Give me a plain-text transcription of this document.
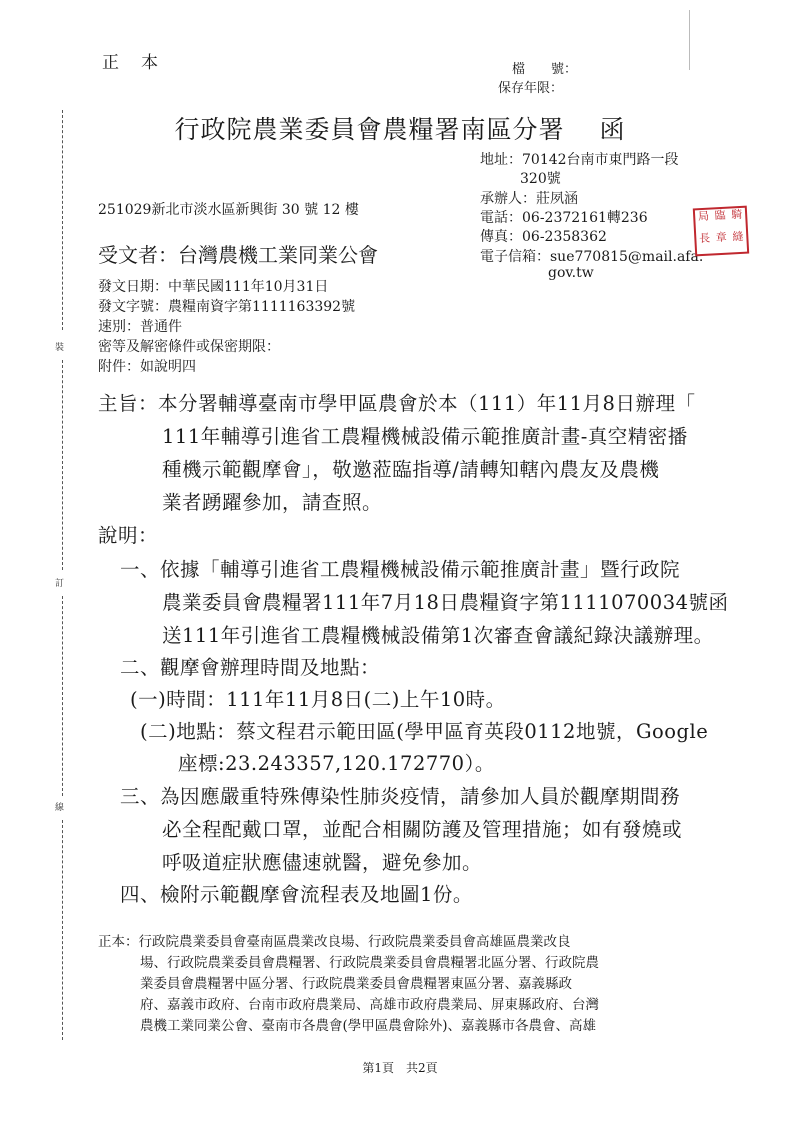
裝
訂
線
正本	檔　　號：
保存年限：
行政院農業委員會農糧署南區分署　 函
地址：70142台南市東門路一段
320號
承辦人：莊夙涵
電話：06-2372161轉236
傳真：06-2358362
電子信箱：sue770815@mail.afa.
gov.tw
局 臨 騎
長 章 縫
251029新北市淡水區新興街 30 號 12 樓
受文者：台灣農機工業同業公會
發文日期：中華民國111年10月31日
發文字號：農糧南資字第1111163392號
速別：普通件
密等及解密條件或保密期限：
附件：如說明四
主旨：本分署輔導臺南市學甲區農會於本（111）年11月8日辦理「
111年輔導引進省工農糧機械設備示範推廣計畫-真空精密播
種機示範觀摩會」，敬邀蒞臨指導/請轉知轄內農友及農機
業者踴躍參加，請查照。
說明：
一、依據「輔導引進省工農糧機械設備示範推廣計畫」暨行政院
農業委員會農糧署111年7月18日農糧資字第1111070034號函
送111年引進省工農糧機械設備第1次審查會議紀錄決議辦理。
二、觀摩會辦理時間及地點：
(一)時間：111年11月8日(二)上午10時。
(二)地點：蔡文程君示範田區(學甲區育英段0112地號，Google
座標:23.243357,120.172770）。
三、為因應嚴重特殊傳染性肺炎疫情，請參加人員於觀摩期間務
必全程配戴口罩，並配合相關防護及管理措施；如有發燒或
呼吸道症狀應儘速就醫，避免參加。
四、檢附示範觀摩會流程表及地圖1份。
正本：行政院農業委員會臺南區農業改良場、行政院農業委員會高雄區農業改良
場、行政院農業委員會農糧署、行政院農業委員會農糧署北區分署、行政院農
業委員會農糧署中區分署、行政院農業委員會農糧署東區分署、嘉義縣政
府、嘉義市政府、台南市政府農業局、高雄市政府農業局、屏東縣政府、台灣
農機工業同業公會、臺南市各農會(學甲區農會除外)、嘉義縣市各農會、高雄
第1頁　共2頁
